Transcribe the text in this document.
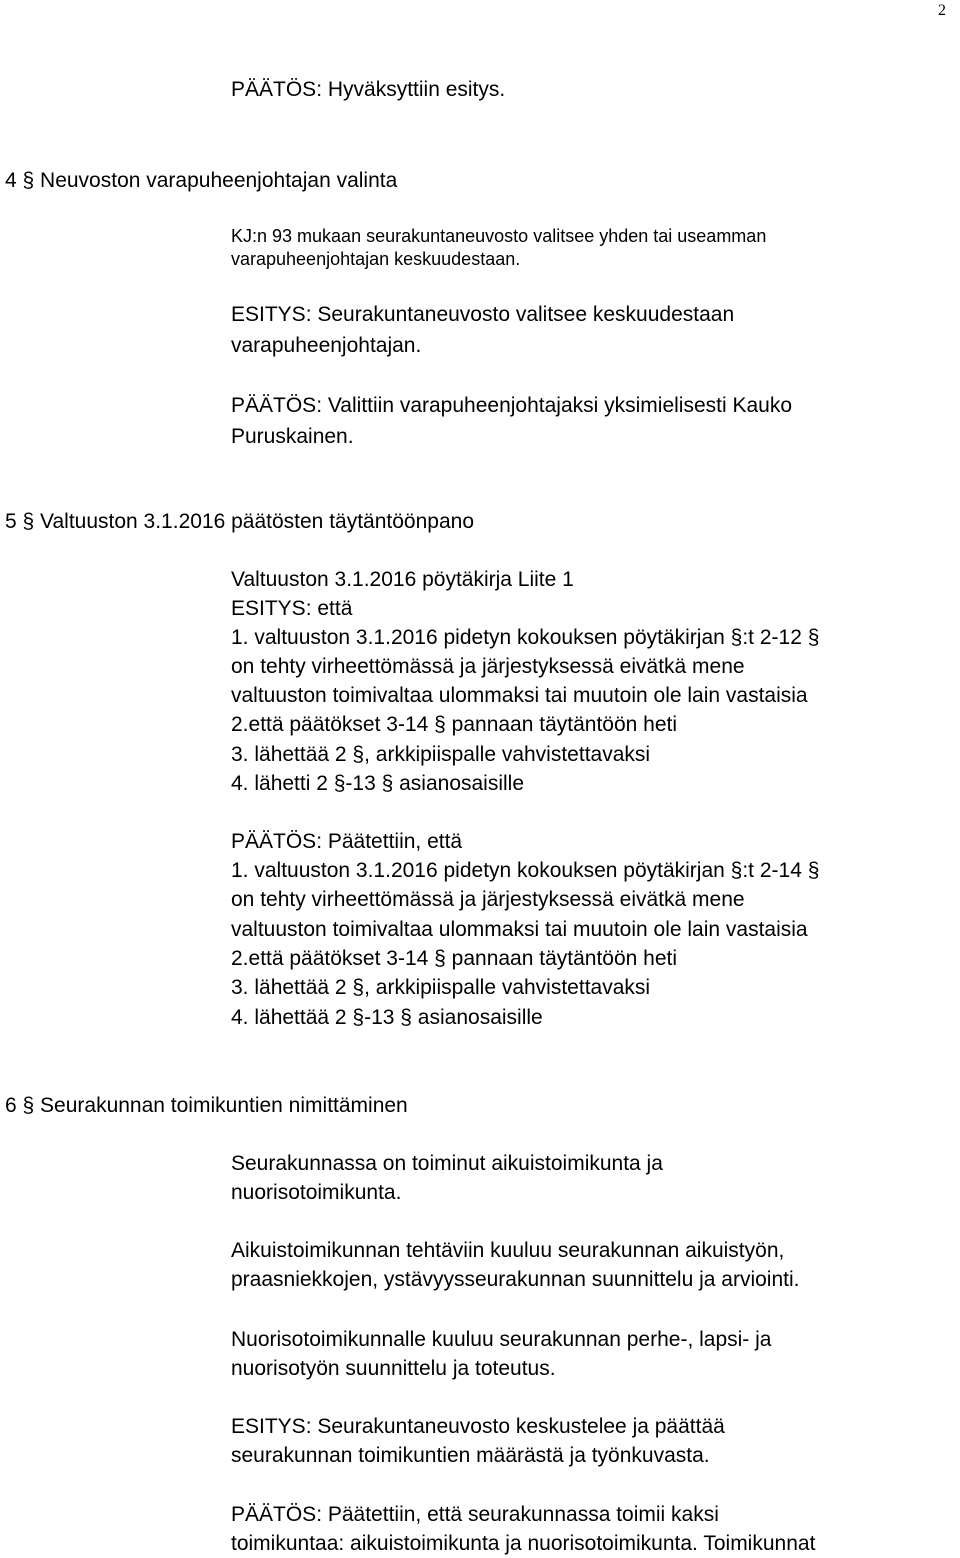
2
PÄÄTÖS: Hyväksyttiin esitys.
4 § Neuvoston varapuheenjohtajan valinta
KJ:n 93 mukaan seurakuntaneuvosto valitsee yhden tai useamman
varapuheenjohtajan keskuudestaan.
ESITYS: Seurakuntaneuvosto valitsee keskuudestaan
varapuheenjohtajan.
PÄÄTÖS: Valittiin varapuheenjohtajaksi yksimielisesti Kauko
Puruskainen.
5 § Valtuuston 3.1.2016 päätösten täytäntöönpano
Valtuuston 3.1.2016 pöytäkirja Liite 1
ESITYS: että
1. valtuuston 3.1.2016 pidetyn kokouksen pöytäkirjan §:t 2-12 §
on tehty virheettömässä ja järjestyksessä eivätkä mene
valtuuston toimivaltaa ulommaksi tai muutoin ole lain vastaisia
2.että päätökset 3-14 § pannaan täytäntöön heti
3. lähettää 2 §, arkkipiispalle vahvistettavaksi
4. lähetti 2 §-13 § asianosaisille
PÄÄTÖS: Päätettiin, että
1. valtuuston 3.1.2016 pidetyn kokouksen pöytäkirjan §:t 2-14 §
on tehty virheettömässä ja järjestyksessä eivätkä mene
valtuuston toimivaltaa ulommaksi tai muutoin ole lain vastaisia
2.että päätökset 3-14 § pannaan täytäntöön heti
3. lähettää 2 §, arkkipiispalle vahvistettavaksi
4. lähettää 2 §-13 § asianosaisille
6 § Seurakunnan toimikuntien nimittäminen
Seurakunnassa on toiminut aikuistoimikunta ja
nuorisotoimikunta.
Aikuistoimikunnan tehtäviin kuuluu seurakunnan aikuistyön,
praasniekkojen, ystävyysseurakunnan suunnittelu ja arviointi.
Nuorisotoimikunnalle kuuluu seurakunnan perhe-, lapsi- ja
nuorisotyön suunnittelu ja toteutus.
ESITYS: Seurakuntaneuvosto keskustelee ja päättää
seurakunnan toimikuntien määrästä ja työnkuvasta.
PÄÄTÖS: Päätettiin, että seurakunnassa toimii kaksi
toimikuntaa: aikuistoimikunta ja nuorisotoimikunta. Toimikunnat
